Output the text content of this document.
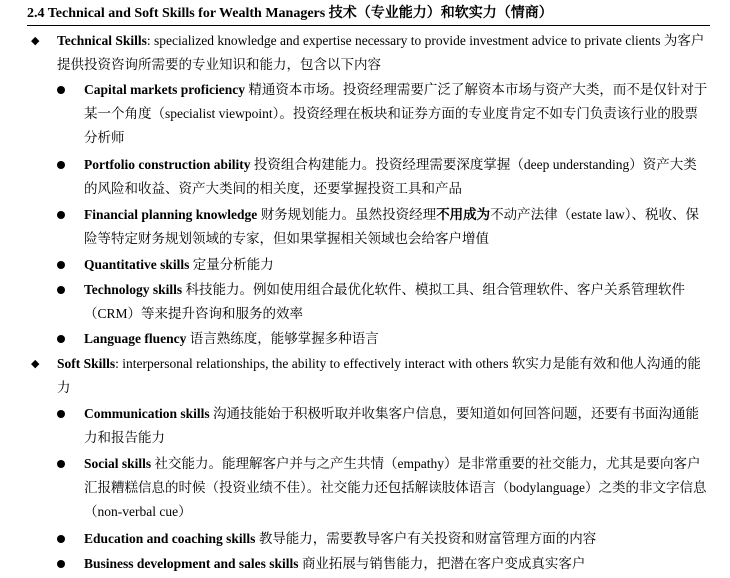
2.4 Technical and Soft Skills for Wealth Managers 技术（专业能力）和软实力（情商）
◆ Technical Skills: specialized knowledge and expertise necessary to provide investment advice to private clients 为客户提供投资咨询所需要的专业知识和能力，包含以下内容
Capital markets proficiency 精通资本市场。投资经理需要广泛了解资本市场与资产大类，而不是仅针对于某一个角度（specialist viewpoint）。投资经理在板块和证券方面的专业度肯定不如专门负责该行业的股票分析师
Portfolio construction ability 投资组合构建能力。投资经理需要深度掌握（deep understanding）资产大类的风险和收益、资产大类间的相关度，还要掌握投资工具和产品
Financial planning knowledge 财务规划能力。虽然投资经理不用成为不动产法律（estate law）、税收、保险等特定财务规划领域的专家，但如果掌握相关领域也会给客户增值
Quantitative skills 定量分析能力
Technology skills 科技能力。例如使用组合最优化软件、模拟工具、组合管理软件、客户关系管理软件（CRM）等来提升咨询和服务的效率
Language fluency 语言熟练度，能够掌握多种语言
◆ Soft Skills: interpersonal relationships, the ability to effectively interact with others 软实力是能有效和他人沟通的能力
Communication skills 沟通技能始于积极听取并收集客户信息，要知道如何回答问题，还要有书面沟通能力和报告能力
Social skills 社交能力。能理解客户并与之产生共情（empathy）是非常重要的社交能力，尤其是要向客户汇报糟糕信息的时候（投资业绩不佳）。社交能力还包括解读肢体语言（bodylanguage）之类的非文字信息（non-verbal cue）
Education and coaching skills 教导能力，需要教导客户有关投资和财富管理方面的内容
Business development and sales skills 商业拓展与销售能力，把潜在客户变成真实客户
